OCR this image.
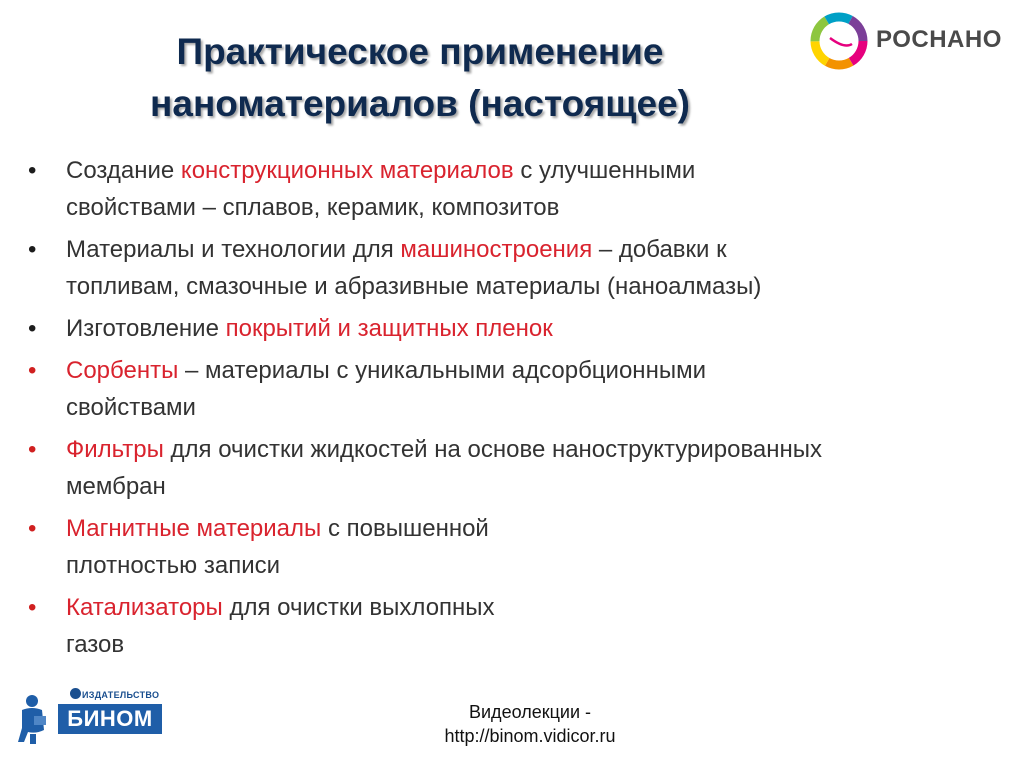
Практическое применение
наноматериалов (настоящее)
РОСНАНО
• Создание конструкционных материалов с улучшенными
свойствами – сплавов, керамик, композитов
• Материалы и технологии для машиностроения – добавки к
топливам, смазочные и абразивные материалы (наноалмазы)
• Изготовление покрытий и защитных пленок
• Сорбенты – материалы с уникальными адсорбционными
свойствами
• Фильтры для очистки жидкостей на основе наноструктурированных
мембран
• Магнитные материалы с повышенной
плотностью записи
• Катализаторы для очистки выхлопных
газов
ИЗДАТЕЛЬСТВО
БИНОМ	Видеолекции -
http://binom.vidicor.ru
